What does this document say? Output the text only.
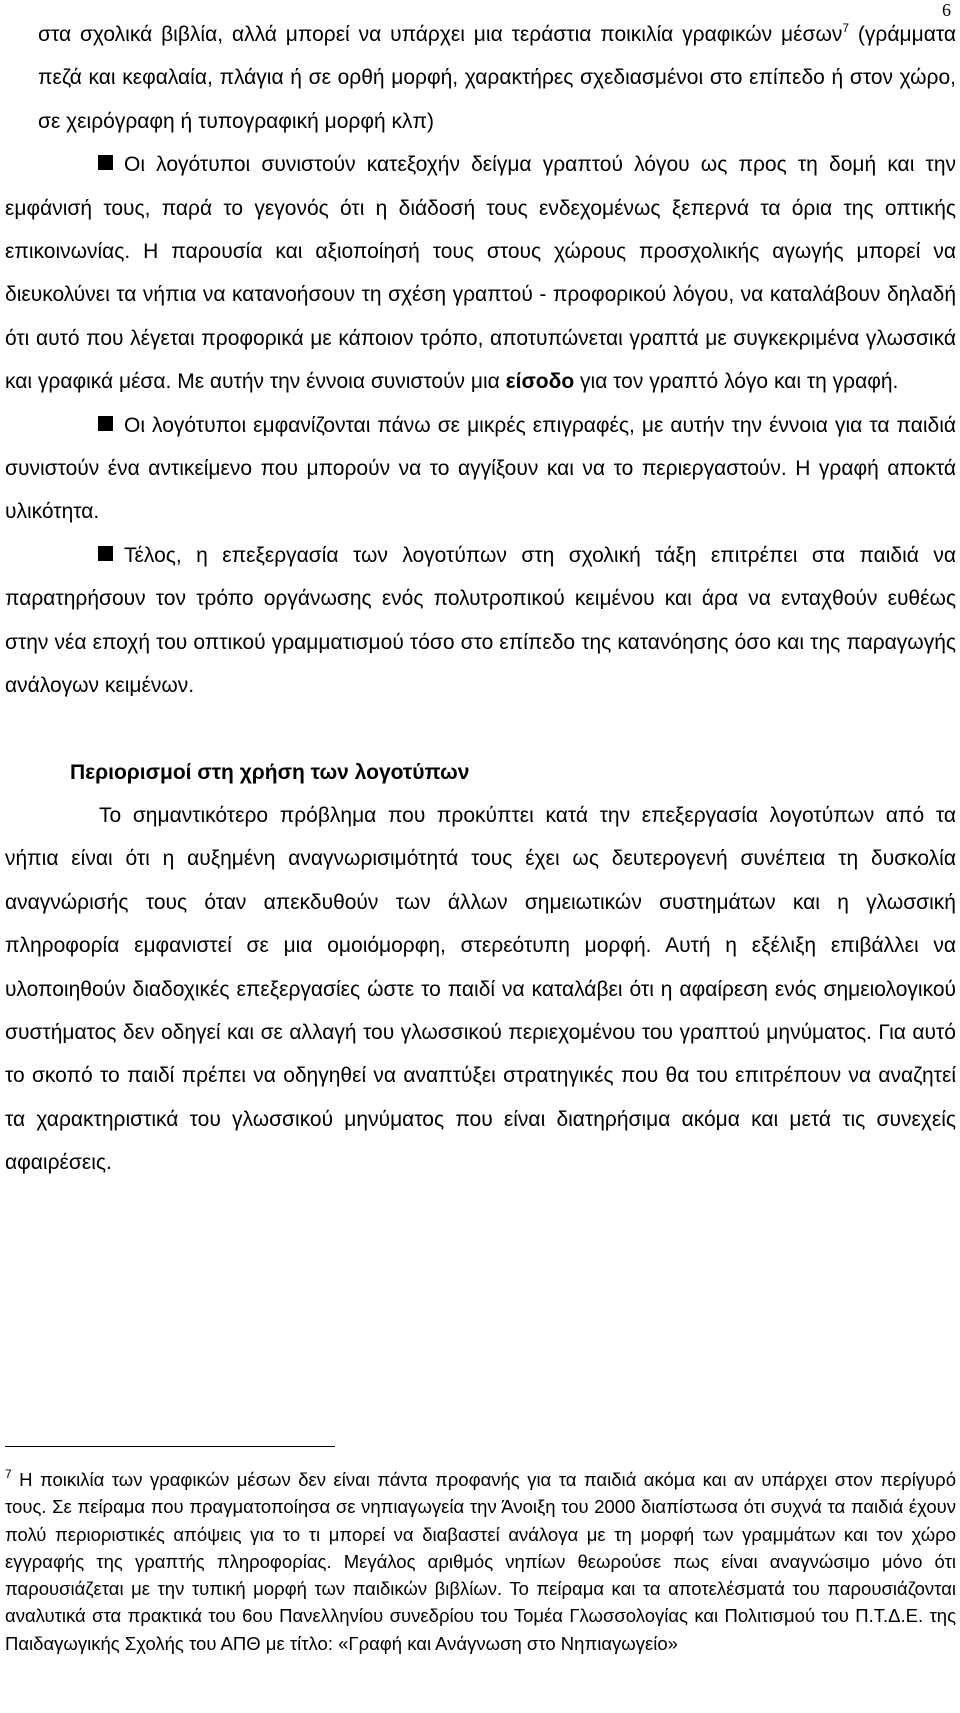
6

στα σχολικά βιβλία, αλλά μπορεί να υπάρχει μια τεράστια ποικιλία γραφικών μέσων$^7$ (γράμματα πεζά και κεφαλαία, πλάγια ή σε ορθή μορφή, χαρακτήρες σχεδιασμένοι στο επίπεδο ή στον χώρο, σε χειρόγραφη ή τυπογραφική μορφή κλπ)

Οι λογότυποι συνιστούν κατεξοχήν δείγμα γραπτού λόγου ως προς τη δομή και την εμφάνισή τους, παρά το γεγονός ότι η διάδοσή τους ενδεχομένως ξεπερνά τα όρια της οπτικής επικοινωνίας. Η παρουσία και αξιοποίησή τους στους χώρους προσχολικής αγωγής μπορεί να διευκολύνει τα νήπια να κατανοήσουν τη σχέση γραπτού - προφορικού λόγου, να καταλάβουν δηλαδή ότι αυτό που λέγεται προφορικά με κάποιον τρόπο, αποτυπώνεται γραπτά με συγκεκριμένα γλωσσικά και γραφικά μέσα. Με αυτήν την έννοια συνιστούν μια είσοδο για τον γραπτό λόγο και τη γραφή.

Οι λογότυποι εμφανίζονται πάνω σε μικρές επιγραφές, με αυτήν την έννοια για τα παιδιά συνιστούν ένα αντικείμενο που μπορούν να το αγγίξουν και να το περιεργαστούν. Η γραφή αποκτά υλικότητα.

Τέλος, η επεξεργασία των λογοτύπων στη σχολική τάξη επιτρέπει στα παιδιά να παρατηρήσουν τον τρόπο οργάνωσης ενός πολυτροπικού κειμένου και άρα να ενταχθούν ευθέως στην νέα εποχή του οπτικού γραμματισμού τόσο στο επίπεδο της κατανόησης όσο και της παραγωγής ανάλογων κειμένων.

Περιορισμοί στη χρήση των λογοτύπων

Το σημαντικότερο πρόβλημα που προκύπτει κατά την επεξεργασία λογοτύπων από τα νήπια είναι ότι η αυξημένη αναγνωρισιμότητά τους έχει ως δευτερογενή συνέπεια τη δυσκολία αναγνώρισής τους όταν απεκδυθούν των άλλων σημειωτικών συστημάτων και η γλωσσική πληροφορία εμφανιστεί σε μια ομοιόμορφη, στερεότυπη μορφή. Αυτή η εξέλιξη επιβάλλει να υλοποιηθούν διαδοχικές επεξεργασίες ώστε το παιδί να καταλάβει ότι η αφαίρεση ενός σημειολογικού συστήματος δεν οδηγεί και σε αλλαγή του γλωσσικού περιεχομένου του γραπτού μηνύματος. Για αυτό το σκοπό το παιδί πρέπει να οδηγηθεί να αναπτύξει στρατηγικές που θα του επιτρέπουν να αναζητεί τα χαρακτηριστικά του γλωσσικού μηνύματος που είναι διατηρήσιμα ακόμα και μετά τις συνεχείς αφαιρέσεις.

$^7$ Η ποικιλία των γραφικών μέσων δεν είναι πάντα προφανής για τα παιδιά ακόμα και αν υπάρχει στον περίγυρό τους. Σε πείραμα που πραγματοποίησα σε νηπιαγωγεία την Άνοιξη του 2000 διαπίστωσα ότι συχνά τα παιδιά έχουν πολύ περιοριστικές απόψεις για το τι μπορεί να διαβαστεί ανάλογα με τη μορφή των γραμμάτων και τον χώρο εγγραφής της γραπτής πληροφορίας. Μεγάλος αριθμός νηπίων θεωρούσε πως είναι αναγνώσιμο μόνο ότι παρουσιάζεται με την τυπική μορφή των παιδικών βιβλίων. Το πείραμα και τα αποτελέσματά του παρουσιάζονται αναλυτικά στα πρακτικά του 6ου Πανελληνίου συνεδρίου του Τομέα Γλωσσολογίας και Πολιτισμού του Π.Τ.Δ.Ε. της Παιδαγωγικής Σχολής του ΑΠΘ με τίτλο: «Γραφή και Ανάγνωση στο Νηπιαγωγείο»
